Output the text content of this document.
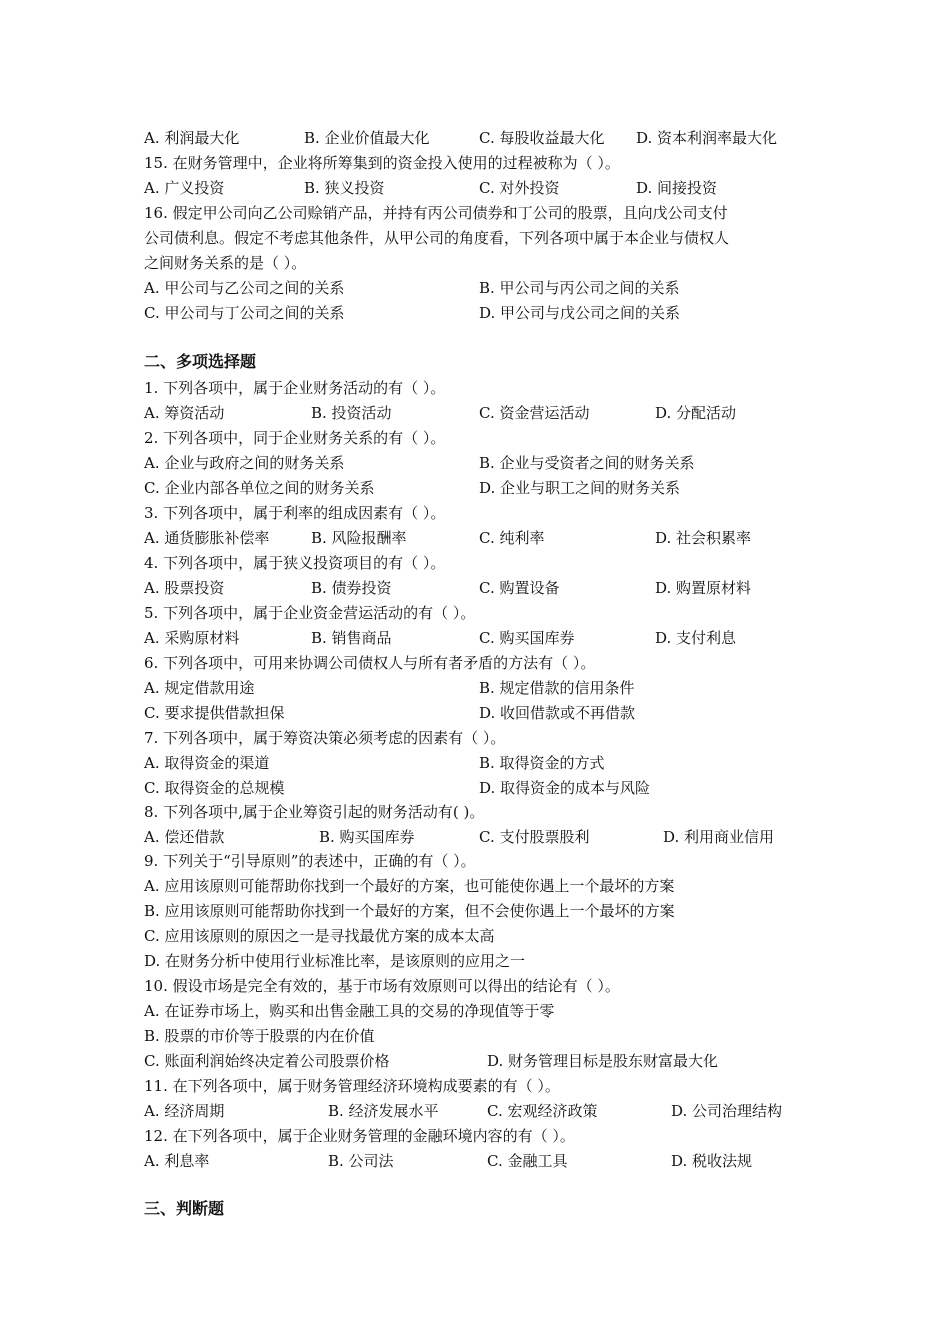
A. 利润最大化	B. 企业价值最大化	C. 每股收益最大化 D. 资本利润率最大化
15. 在财务管理中，企业将所筹集到的资金投入使用的过程被称为（ ）。
A. 广义投资	B. 狭义投资	C. 对外投资	D. 间接投资
16. 假定甲公司向乙公司赊销产品，并持有丙公司债券和丁公司的股票，且向戊公司支付
公司债利息。假定不考虑其他条件，从甲公司的角度看，下列各项中属于本企业与债权人
之间财务关系的是（ ）。
A. 甲公司与乙公司之间的关系	B. 甲公司与丙公司之间的关系
C. 甲公司与丁公司之间的关系	D. 甲公司与戊公司之间的关系
二、多项选择题
1. 下列各项中，属于企业财务活动的有（ ）。
A. 筹资活动	B. 投资活动	C. 资金营运活动	D. 分配活动
2. 下列各项中，同于企业财务关系的有（ ）。
A. 企业与政府之间的财务关系	B. 企业与受资者之间的财务关系
C. 企业内部各单位之间的财务关系	D. 企业与职工之间的财务关系
3. 下列各项中，属于利率的组成因素有（ ）。
A. 通货膨胀补偿率	B. 风险报酬率	C. 纯利率	D. 社会积累率
4. 下列各项中，属于狭义投资项目的有（ ）。
A. 股票投资	B. 债券投资	C. 购置设备	D. 购置原材料
5. 下列各项中，属于企业资金营运活动的有（ ）。
A. 采购原材料	B. 销售商品	C. 购买国库券	D. 支付利息
6. 下列各项中，可用来协调公司债权人与所有者矛盾的方法有（ ）。
A. 规定借款用途	B. 规定借款的信用条件
C. 要求提供借款担保	D. 收回借款或不再借款
7. 下列各项中，属于筹资决策必须考虑的因素有（ ）。
A. 取得资金的渠道	B. 取得资金的方式
C. 取得资金的总规模	D. 取得资金的成本与风险
8. 下列各项中,属于企业筹资引起的财务活动有( )。
A. 偿还借款	B. 购买国库券	C. 支付股票股利	D. 利用商业信用
9. 下列关于“引导原则”的表述中，正确的有（ ）。
A. 应用该原则可能帮助你找到一个最好的方案，也可能使你遇上一个最坏的方案
B. 应用该原则可能帮助你找到一个最好的方案，但不会使你遇上一个最坏的方案
C. 应用该原则的原因之一是寻找最优方案的成本太高
D. 在财务分析中使用行业标准比率，是该原则的应用之一
10. 假设市场是完全有效的，基于市场有效原则可以得出的结论有（ ）。
A. 在证券市场上，购买和出售金融工具的交易的净现值等于零
B. 股票的市价等于股票的内在价值
C. 账面利润始终决定着公司股票价格	D. 财务管理目标是股东财富最大化
11. 在下列各项中，属于财务管理经济环境构成要素的有（ ）。
A. 经济周期	B. 经济发展水平	C. 宏观经济政策	D. 公司治理结构
12. 在下列各项中，属于企业财务管理的金融环境内容的有（ ）。
A. 利息率	B. 公司法	C. 金融工具	D. 税收法规
三、判断题
